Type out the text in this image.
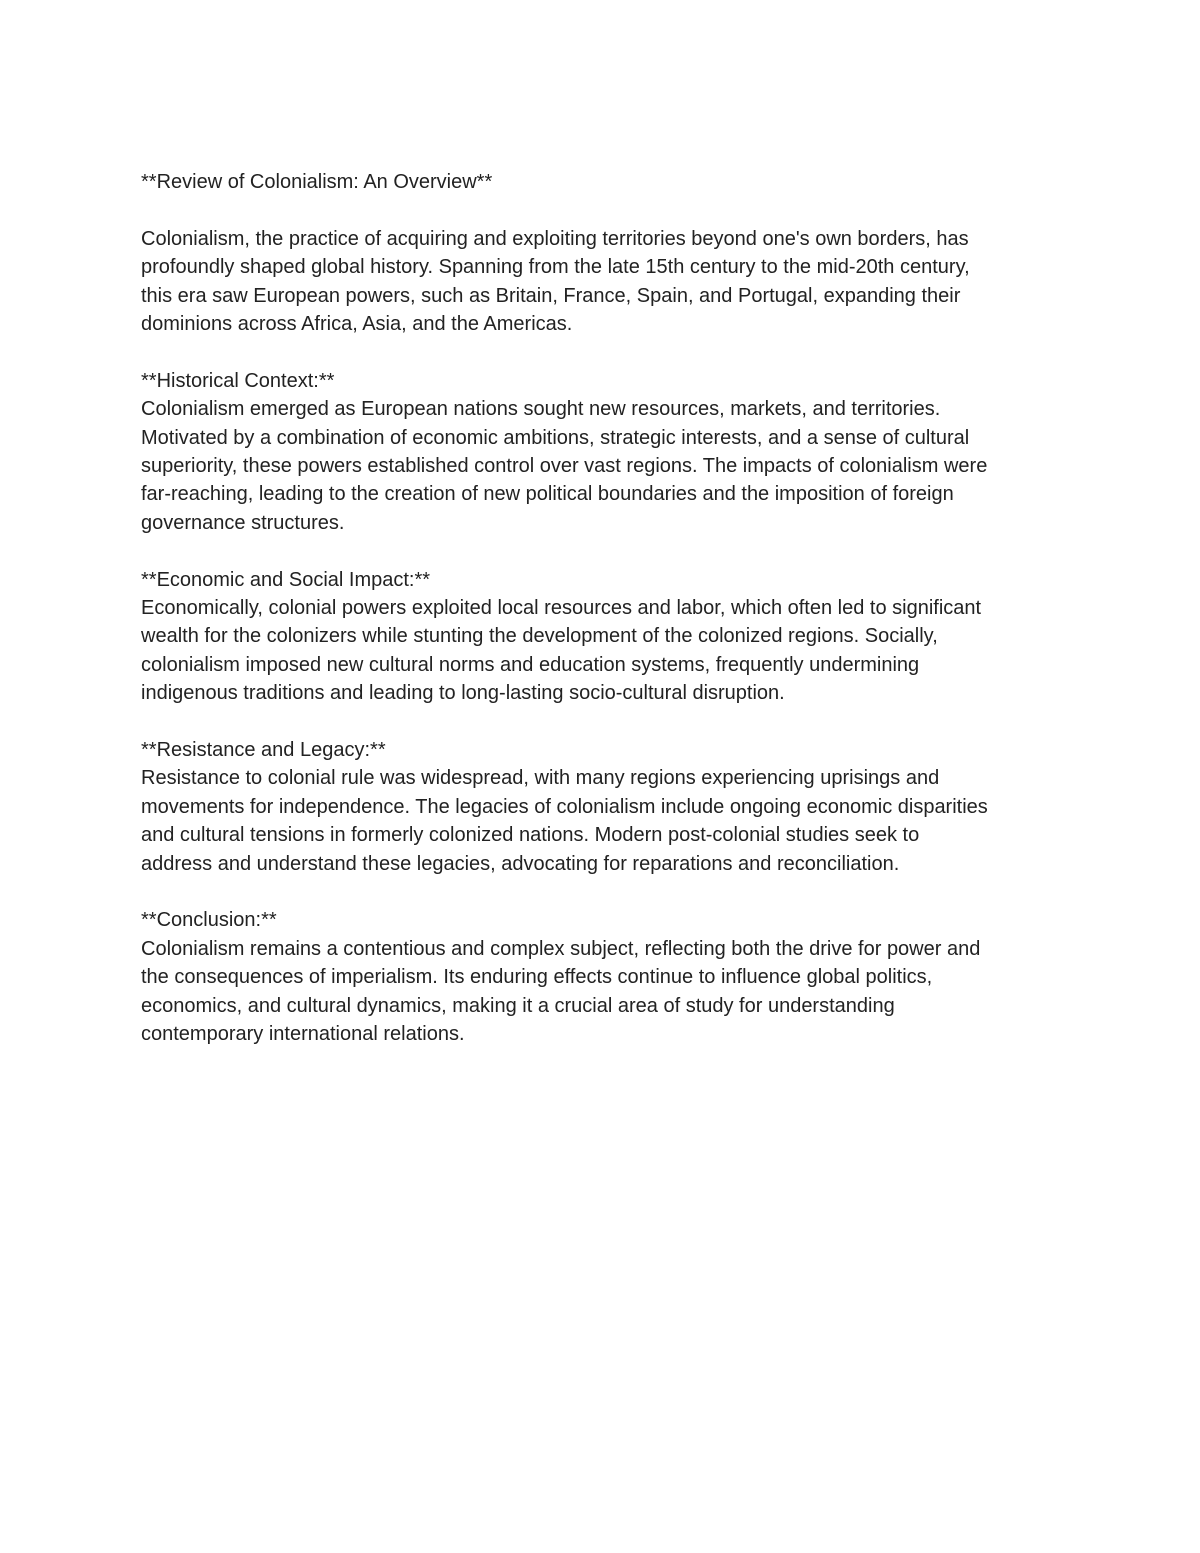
**Review of Colonialism: An Overview**

Colonialism, the practice of acquiring and exploiting territories beyond one's own borders, has

profoundly shaped global history. Spanning from the late 15th century to the mid-20th century,

this era saw European powers, such as Britain, France, Spain, and Portugal, expanding their

dominions across Africa, Asia, and the Americas.

**Historical Context:**

Colonialism emerged as European nations sought new resources, markets, and territories.

Motivated by a combination of economic ambitions, strategic interests, and a sense of cultural

superiority, these powers established control over vast regions. The impacts of colonialism were

far-reaching, leading to the creation of new political boundaries and the imposition of foreign

governance structures.

**Economic and Social Impact:**

Economically, colonial powers exploited local resources and labor, which often led to significant

wealth for the colonizers while stunting the development of the colonized regions. Socially,

colonialism imposed new cultural norms and education systems, frequently undermining

indigenous traditions and leading to long-lasting socio-cultural disruption.

**Resistance and Legacy:**

Resistance to colonial rule was widespread, with many regions experiencing uprisings and

movements for independence. The legacies of colonialism include ongoing economic disparities

and cultural tensions in formerly colonized nations. Modern post-colonial studies seek to

address and understand these legacies, advocating for reparations and reconciliation.

**Conclusion:**

Colonialism remains a contentious and complex subject, reflecting both the drive for power and

the consequences of imperialism. Its enduring effects continue to influence global politics,

economics, and cultural dynamics, making it a crucial area of study for understanding

contemporary international relations.
